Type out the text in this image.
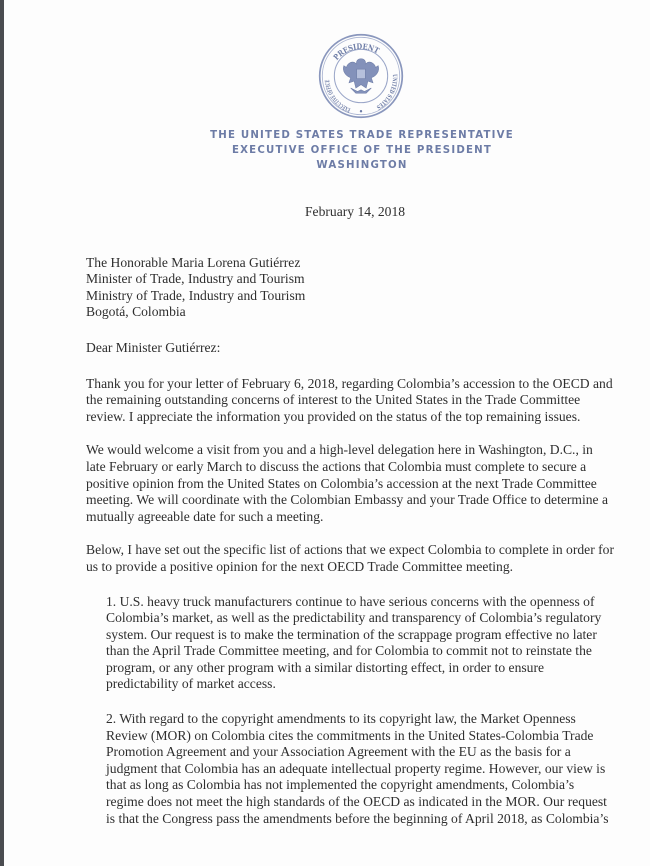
PRESIDENT
EXECUTIVE OFFICE
UNITED STATES
THE UNITED STATES TRADE REPRESENTATIVE
EXECUTIVE OFFICE OF THE PRESIDENT
WASHINGTON
February 14, 2018
The Honorable Maria Lorena Gutiérrez
Minister of Trade, Industry and Tourism
Ministry of Trade, Industry and Tourism
Bogotá, Colombia
Dear Minister Gutiérrez:
Thank you for your letter of February 6, 2018, regarding Colombia’s accession to the OECD and
the remaining outstanding concerns of interest to the United States in the Trade Committee
review. I appreciate the information you provided on the status of the top remaining issues.
We would welcome a visit from you and a high-level delegation here in Washington, D.C., in
late February or early March to discuss the actions that Colombia must complete to secure a
positive opinion from the United States on Colombia’s accession at the next Trade Committee
meeting. We will coordinate with the Colombian Embassy and your Trade Office to determine a
mutually agreeable date for such a meeting.
Below, I have set out the specific list of actions that we expect Colombia to complete in order for
us to provide a positive opinion for the next OECD Trade Committee meeting.
1. U.S. heavy truck manufacturers continue to have serious concerns with the openness of
Colombia’s market, as well as the predictability and transparency of Colombia’s regulatory
system. Our request is to make the termination of the scrappage program effective no later
than the April Trade Committee meeting, and for Colombia to commit not to reinstate the
program, or any other program with a similar distorting effect, in order to ensure
predictability of market access.
2. With regard to the copyright amendments to its copyright law, the Market Openness
Review (MOR) on Colombia cites the commitments in the United States-Colombia Trade
Promotion Agreement and your Association Agreement with the EU as the basis for a
judgment that Colombia has an adequate intellectual property regime. However, our view is
that as long as Colombia has not implemented the copyright amendments, Colombia’s
regime does not meet the high standards of the OECD as indicated in the MOR. Our request
is that the Congress pass the amendments before the beginning of April 2018, as Colombia’s
